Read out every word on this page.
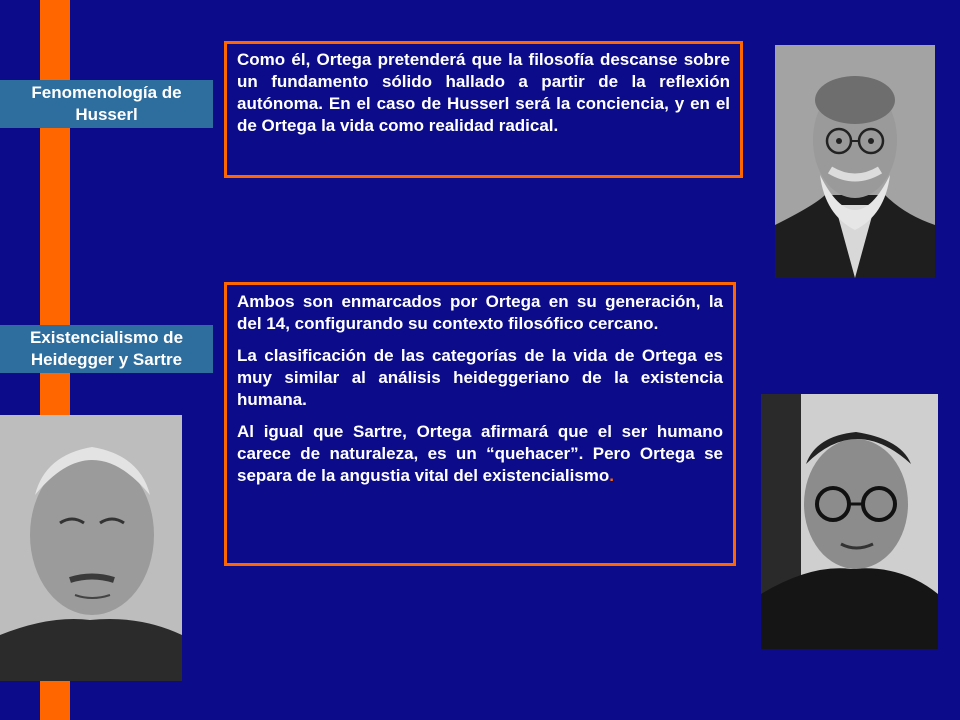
Fenomenología de
Husserl
Existencialismo de
Heidegger y Sartre

Como él, Ortega pretenderá que la filosofía descanse sobre un fundamento sólido hallado a partir de la reflexión autónoma. En el caso de Husserl será la conciencia, y en el de Ortega la vida como realidad radical.

Ambos son enmarcados por Ortega en su generación, la del 14, configurando su contexto filosófico cercano.

La clasificación de las categorías de la vida de Ortega es muy similar al análisis heideggeriano de la existencia humana.

Al igual que Sartre, Ortega afirmará que el ser humano carece de naturaleza, es un “quehacer”. Pero Ortega se separa de la angustia vital del existencialismo.
